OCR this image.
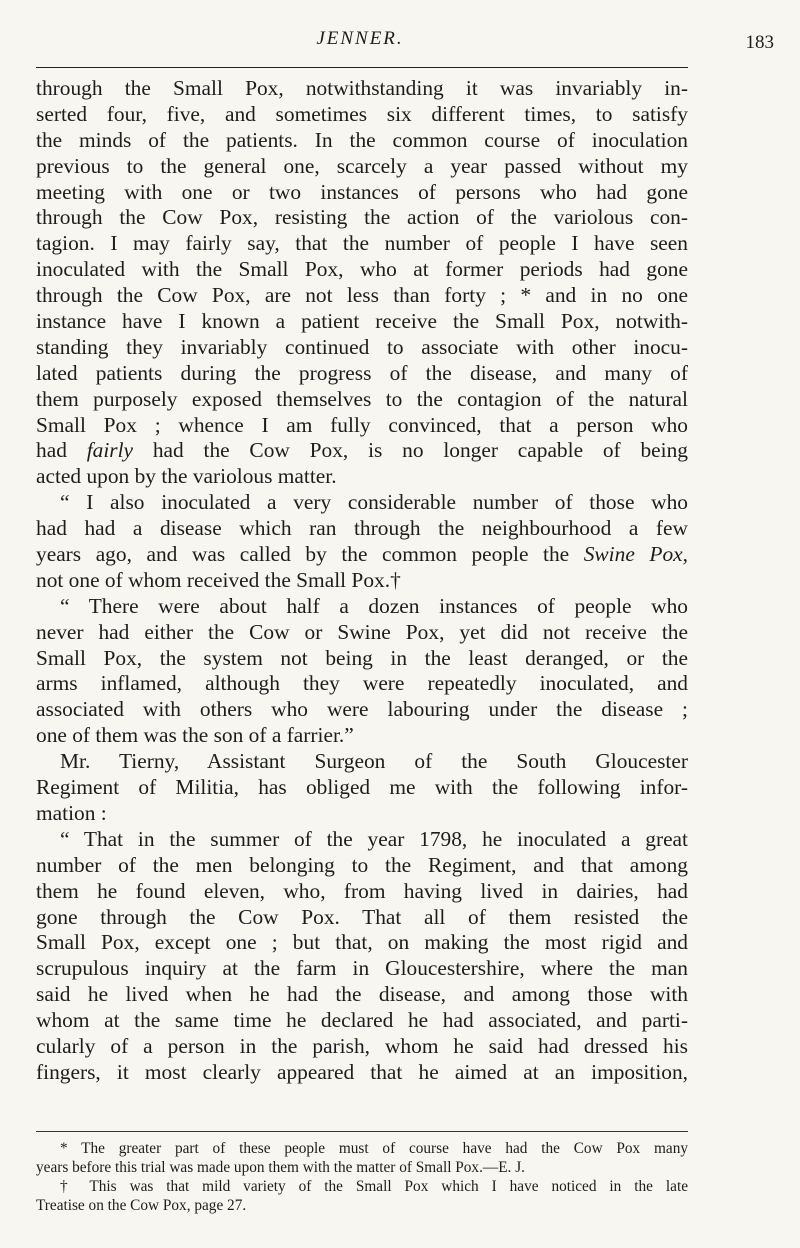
JENNER.	183
through the Small Pox, notwithstanding it was invariably in-
serted four, five, and sometimes six different times, to satisfy
the minds of the patients. In the common course of inoculation
previous to the general one, scarcely a year passed without my
meeting with one or two instances of persons who had gone
through the Cow Pox, resisting the action of the variolous con-
tagion. I may fairly say, that the number of people I have seen
inoculated with the Small Pox, who at former periods had gone
through the Cow Pox, are not less than forty ; * and in no one
instance have I known a patient receive the Small Pox, notwith-
standing they invariably continued to associate with other inocu-
lated patients during the progress of the disease, and many of
them purposely exposed themselves to the contagion of the natural
Small Pox ; whence I am fully convinced, that a person who
had fairly had the Cow Pox, is no longer capable of being
acted upon by the variolous matter.
“ I also inoculated a very considerable number of those who
had had a disease which ran through the neighbourhood a few
years ago, and was called by the common people the Swine Pox,
not one of whom received the Small Pox.†
“ There were about half a dozen instances of people who
never had either the Cow or Swine Pox, yet did not receive the
Small Pox, the system not being in the least deranged, or the
arms inflamed, although they were repeatedly inoculated, and
associated with others who were labouring under the disease ;
one of them was the son of a farrier.”
Mr. Tierny, Assistant Surgeon of the South Gloucester
Regiment of Militia, has obliged me with the following infor-
mation :
“ That in the summer of the year 1798, he inoculated a great
number of the men belonging to the Regiment, and that among
them he found eleven, who, from having lived in dairies, had
gone through the Cow Pox. That all of them resisted the
Small Pox, except one ; but that, on making the most rigid and
scrupulous inquiry at the farm in Gloucestershire, where the man
said he lived when he had the disease, and among those with
whom at the same time he declared he had associated, and parti-
cularly of a person in the parish, whom he said had dressed his
fingers, it most clearly appeared that he aimed at an imposition,
* The greater part of these people must of course have had the Cow Pox many
years before this trial was made upon them with the matter of Small Pox.—E. J.
† This was that mild variety of the Small Pox which I have noticed in the late
Treatise on the Cow Pox, page 27.
